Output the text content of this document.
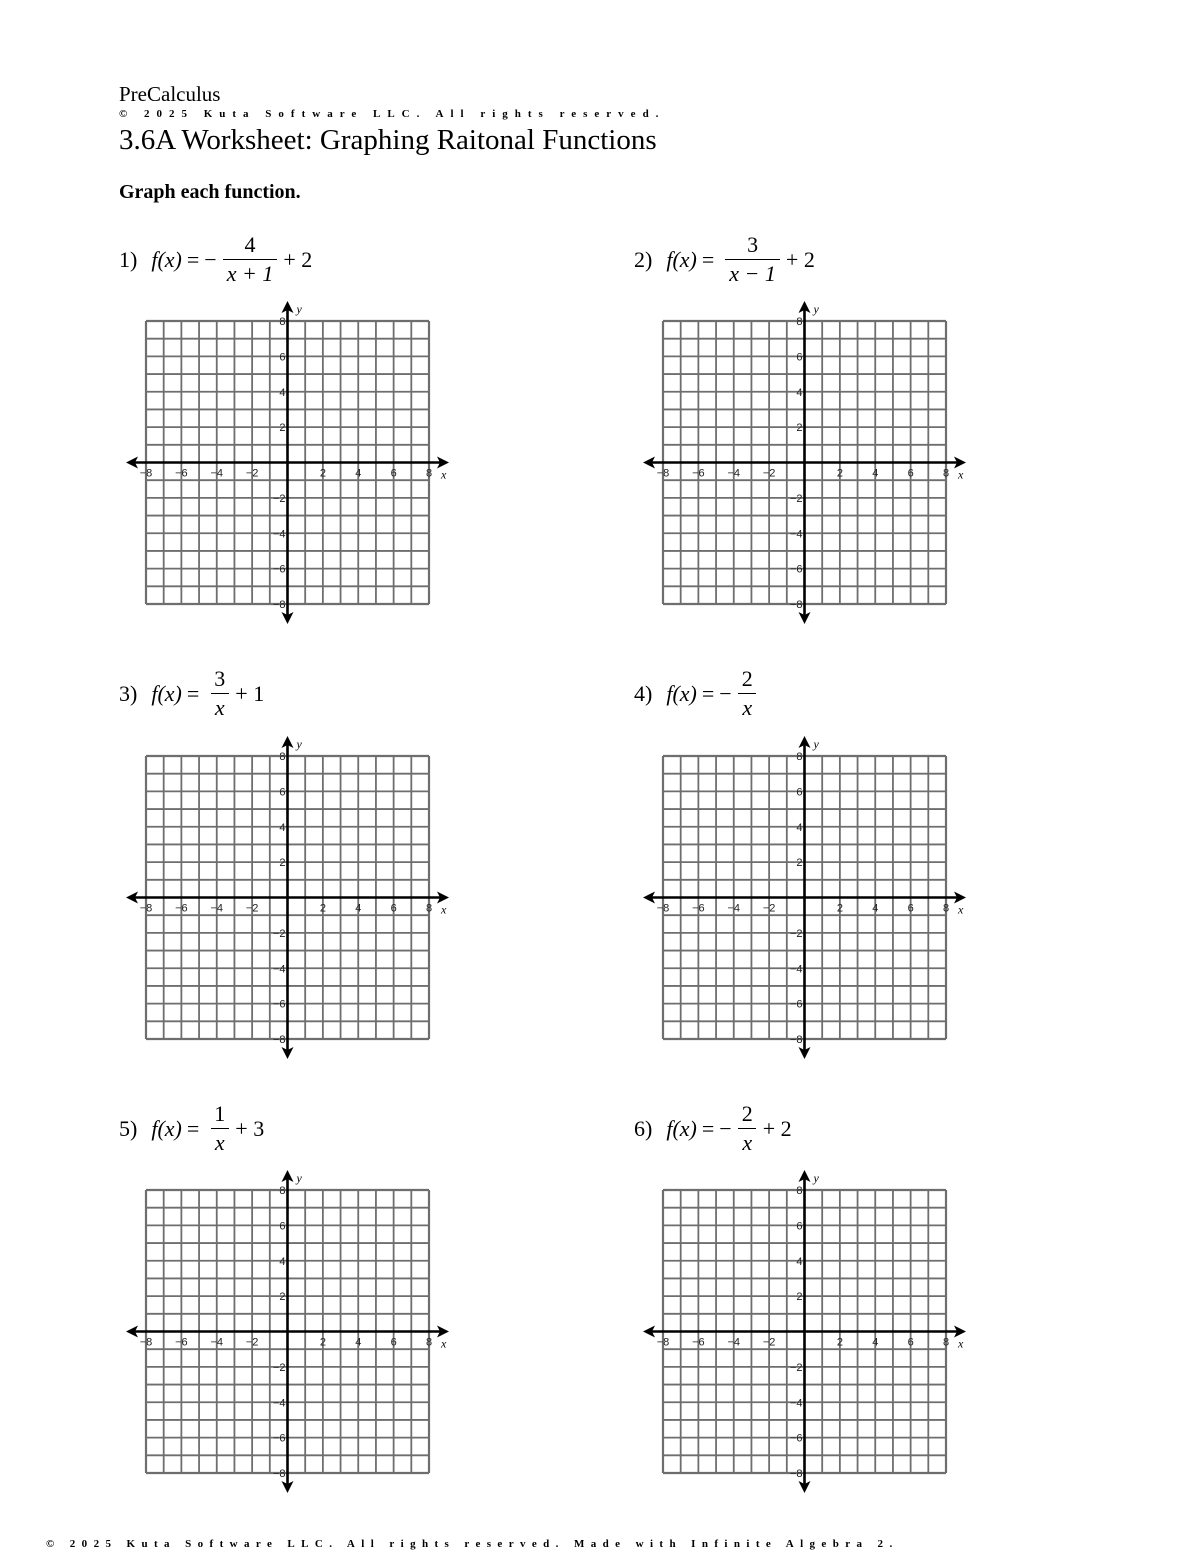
PreCalculus
© 2025 Kuta Software LLC. All rights reserved.
3.6A Worksheet: Graphing Raitonal Functions
Graph each function.
1) f(x) = − $\frac{4}{x + 1} + 2$
x
y
−8 −6 −4 −2	2	4	6	8
8
6
4
2
−2
−4
−6
−8
2) $f(x) = \frac{3}{x - 1} + 2$
x
y
−8 −6 −4 −2	2	4	6	8
8
6
4
2
−2
−4
−6
−8
3) $f(x) = \frac{3}{x} + 1$
x
y
−8 −6 −4 −2	2	4	6	8
8
6
4
2
−2
−4
−6
−8
4) f(x) = − $\frac{2}{x}$
x
y
−8 −6 −4 −2	2	4	6	8
8
6
4
2
−2
−4
−6
−8
5) $f(x) = \frac{1}{x} + 3$
x
y
−8 −6 −4 −2	2	4	6	8
8
6
4
2
−2
−4
−6
−8
6) f(x) = − $\frac{2}{x} + 2$
x
y
−8 −6 −4 −2	2	4	6	8
8
6
4
2
−2
−4
−6
−8
© 2025 Kuta Software LLC. All rights reserved. Made with Infinite Algebra 2.
